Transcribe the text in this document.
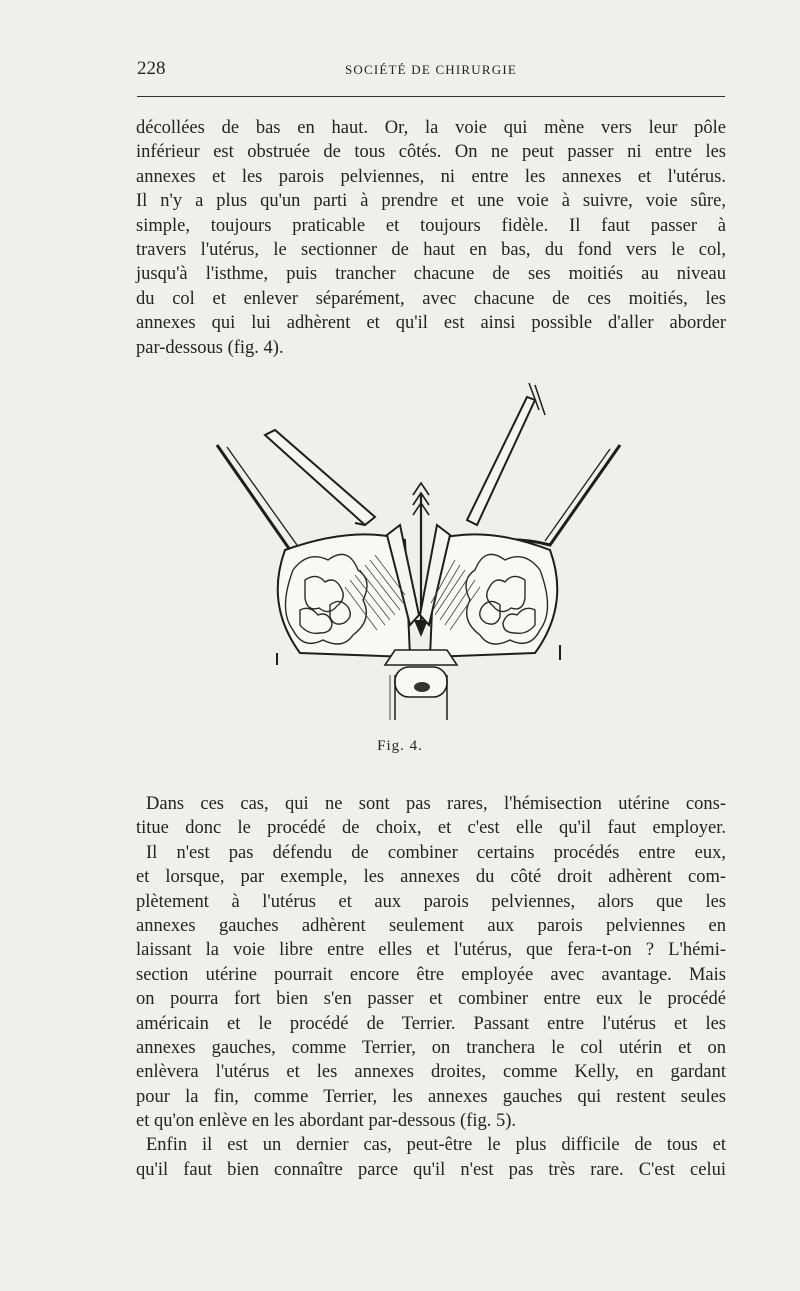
228	SOCIÉTÉ DE CHIRURGIE
décollées de bas en haut. Or, la voie qui mène vers leur pôle
inférieur est obstruée de tous côtés. On ne peut passer ni entre les
annexes et les parois pelviennes, ni entre les annexes et l'utérus.
Il n'y a plus qu'un parti à prendre et une voie à suivre, voie sûre,
simple, toujours praticable et toujours fidèle. Il faut passer à
travers l'utérus, le sectionner de haut en bas, du fond vers le col,
jusqu'à l'isthme, puis trancher chacune de ses moitiés au niveau
du col et enlever séparément, avec chacune de ces moitiés, les
annexes qui lui adhèrent et qu'il est ainsi possible d'aller aborder
par-dessous (fig. 4).
Fig. 4.
Dans ces cas, qui ne sont pas rares, l'hémisection utérine cons-
titue donc le procédé de choix, et c'est elle qu'il faut employer.
Il n'est pas défendu de combiner certains procédés entre eux,
et lorsque, par exemple, les annexes du côté droit adhèrent com-
plètement à l'utérus et aux parois pelviennes, alors que les
annexes gauches adhèrent seulement aux parois pelviennes en
laissant la voie libre entre elles et l'utérus, que fera-t-on ? L'hémi-
section utérine pourrait encore être employée avec avantage. Mais
on pourra fort bien s'en passer et combiner entre eux le procédé
américain et le procédé de Terrier. Passant entre l'utérus et les
annexes gauches, comme Terrier, on tranchera le col utérin et on
enlèvera l'utérus et les annexes droites, comme Kelly, en gardant
pour la fin, comme Terrier, les annexes gauches qui restent seules
et qu'on enlève en les abordant par-dessous (fig. 5).
Enfin il est un dernier cas, peut-être le plus difficile de tous et
qu'il faut bien connaître parce qu'il n'est pas très rare. C'est celui
